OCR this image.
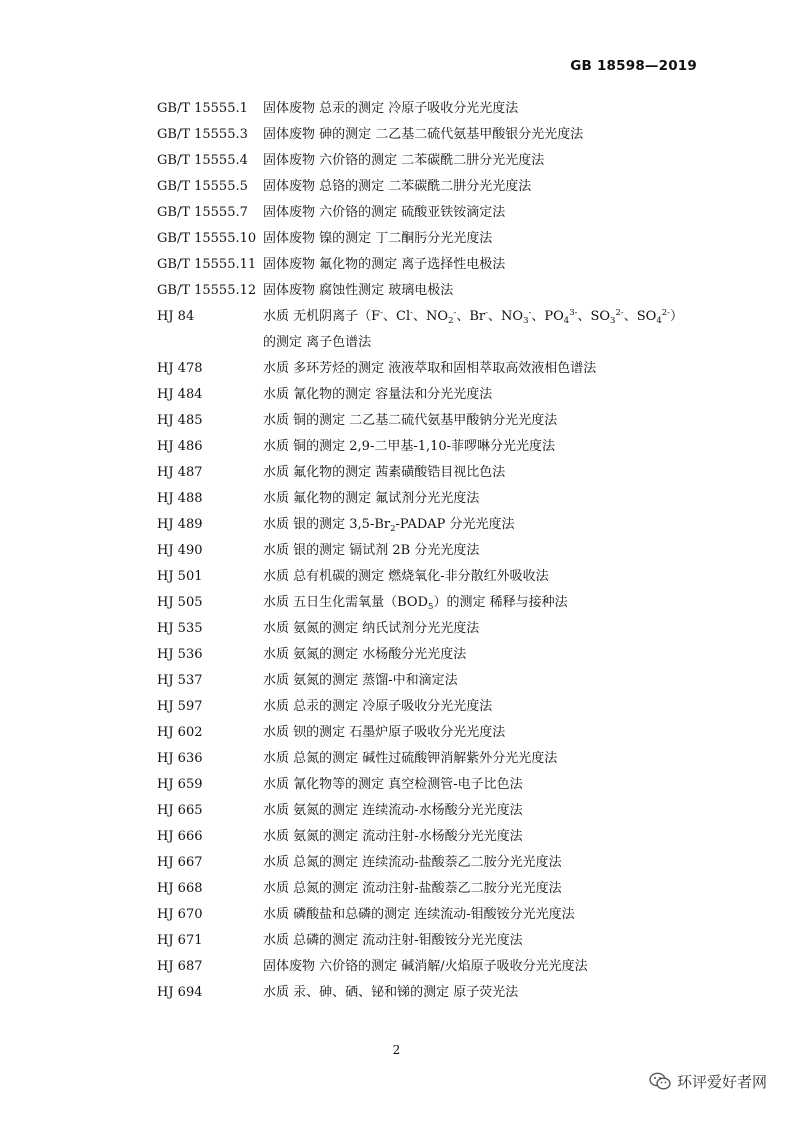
GB 18598—2019
GB/T 15555.1 固体废物 总汞的测定 冷原子吸收分光光度法
GB/T 15555.3 固体废物 砷的测定 二乙基二硫代氨基甲酸银分光光度法
GB/T 15555.4 固体废物 六价铬的测定 二苯碳酰二肼分光光度法
GB/T 15555.5 固体废物 总铬的测定 二苯碳酰二肼分光光度法
GB/T 15555.7 固体废物 六价铬的测定 硫酸亚铁铵滴定法
GB/T 15555.10 固体废物 镍的测定 丁二酮肟分光光度法
GB/T 15555.11 固体废物 氟化物的测定 离子选择性电极法
GB/T 15555.12 固体废物 腐蚀性测定 玻璃电极法
HJ 84	水质 无机阴离子（F-、Cl-、$NO_2^-$、Br-、$NO_3^-$、$PO_4^{3-}$、$SO_3^{2-}$、$SO_4^{2-}$）
的测定 离子色谱法
HJ 478	水质 多环芳烃的测定 液液萃取和固相萃取高效液相色谱法
HJ 484	水质 氰化物的测定 容量法和分光光度法
HJ 485	水质 铜的测定 二乙基二硫代氨基甲酸钠分光光度法
HJ 486	水质 铜的测定 2,9-二甲基-1,10-菲啰啉分光光度法
HJ 487	水质 氟化物的测定 茜素磺酸锆目视比色法
HJ 488	水质 氟化物的测定 氟试剂分光光度法
HJ 489	水质 银的测定 $3,5-Br_2$-PADAP 分光光度法
HJ 490	水质 银的测定 镉试剂 2B 分光光度法
HJ 501	水质 总有机碳的测定 燃烧氧化-非分散红外吸收法
HJ 505	水质 五日生化需氧量$(BOD_5)$的测定 稀释与接种法
HJ 535	水质 氨氮的测定 纳氏试剂分光光度法
HJ 536	水质 氨氮的测定 水杨酸分光光度法
HJ 537	水质 氨氮的测定 蒸馏-中和滴定法
HJ 597	水质 总汞的测定 冷原子吸收分光光度法
HJ 602	水质 钡的测定 石墨炉原子吸收分光光度法
HJ 636	水质 总氮的测定 碱性过硫酸钾消解紫外分光光度法
HJ 659	水质 氰化物等的测定 真空检测管-电子比色法
HJ 665	水质 氨氮的测定 连续流动-水杨酸分光光度法
HJ 666	水质 氨氮的测定 流动注射-水杨酸分光光度法
HJ 667	水质 总氮的测定 连续流动-盐酸萘乙二胺分光光度法
HJ 668	水质 总氮的测定 流动注射-盐酸萘乙二胺分光光度法
HJ 670	水质 磷酸盐和总磷的测定 连续流动-钼酸铵分光光度法
HJ 671	水质 总磷的测定 流动注射-钼酸铵分光光度法
HJ 687	固体废物 六价铬的测定 碱消解/火焰原子吸收分光光度法
HJ 694	水质 汞、砷、硒、铋和锑的测定 原子荧光法
2
环评爱好者网
